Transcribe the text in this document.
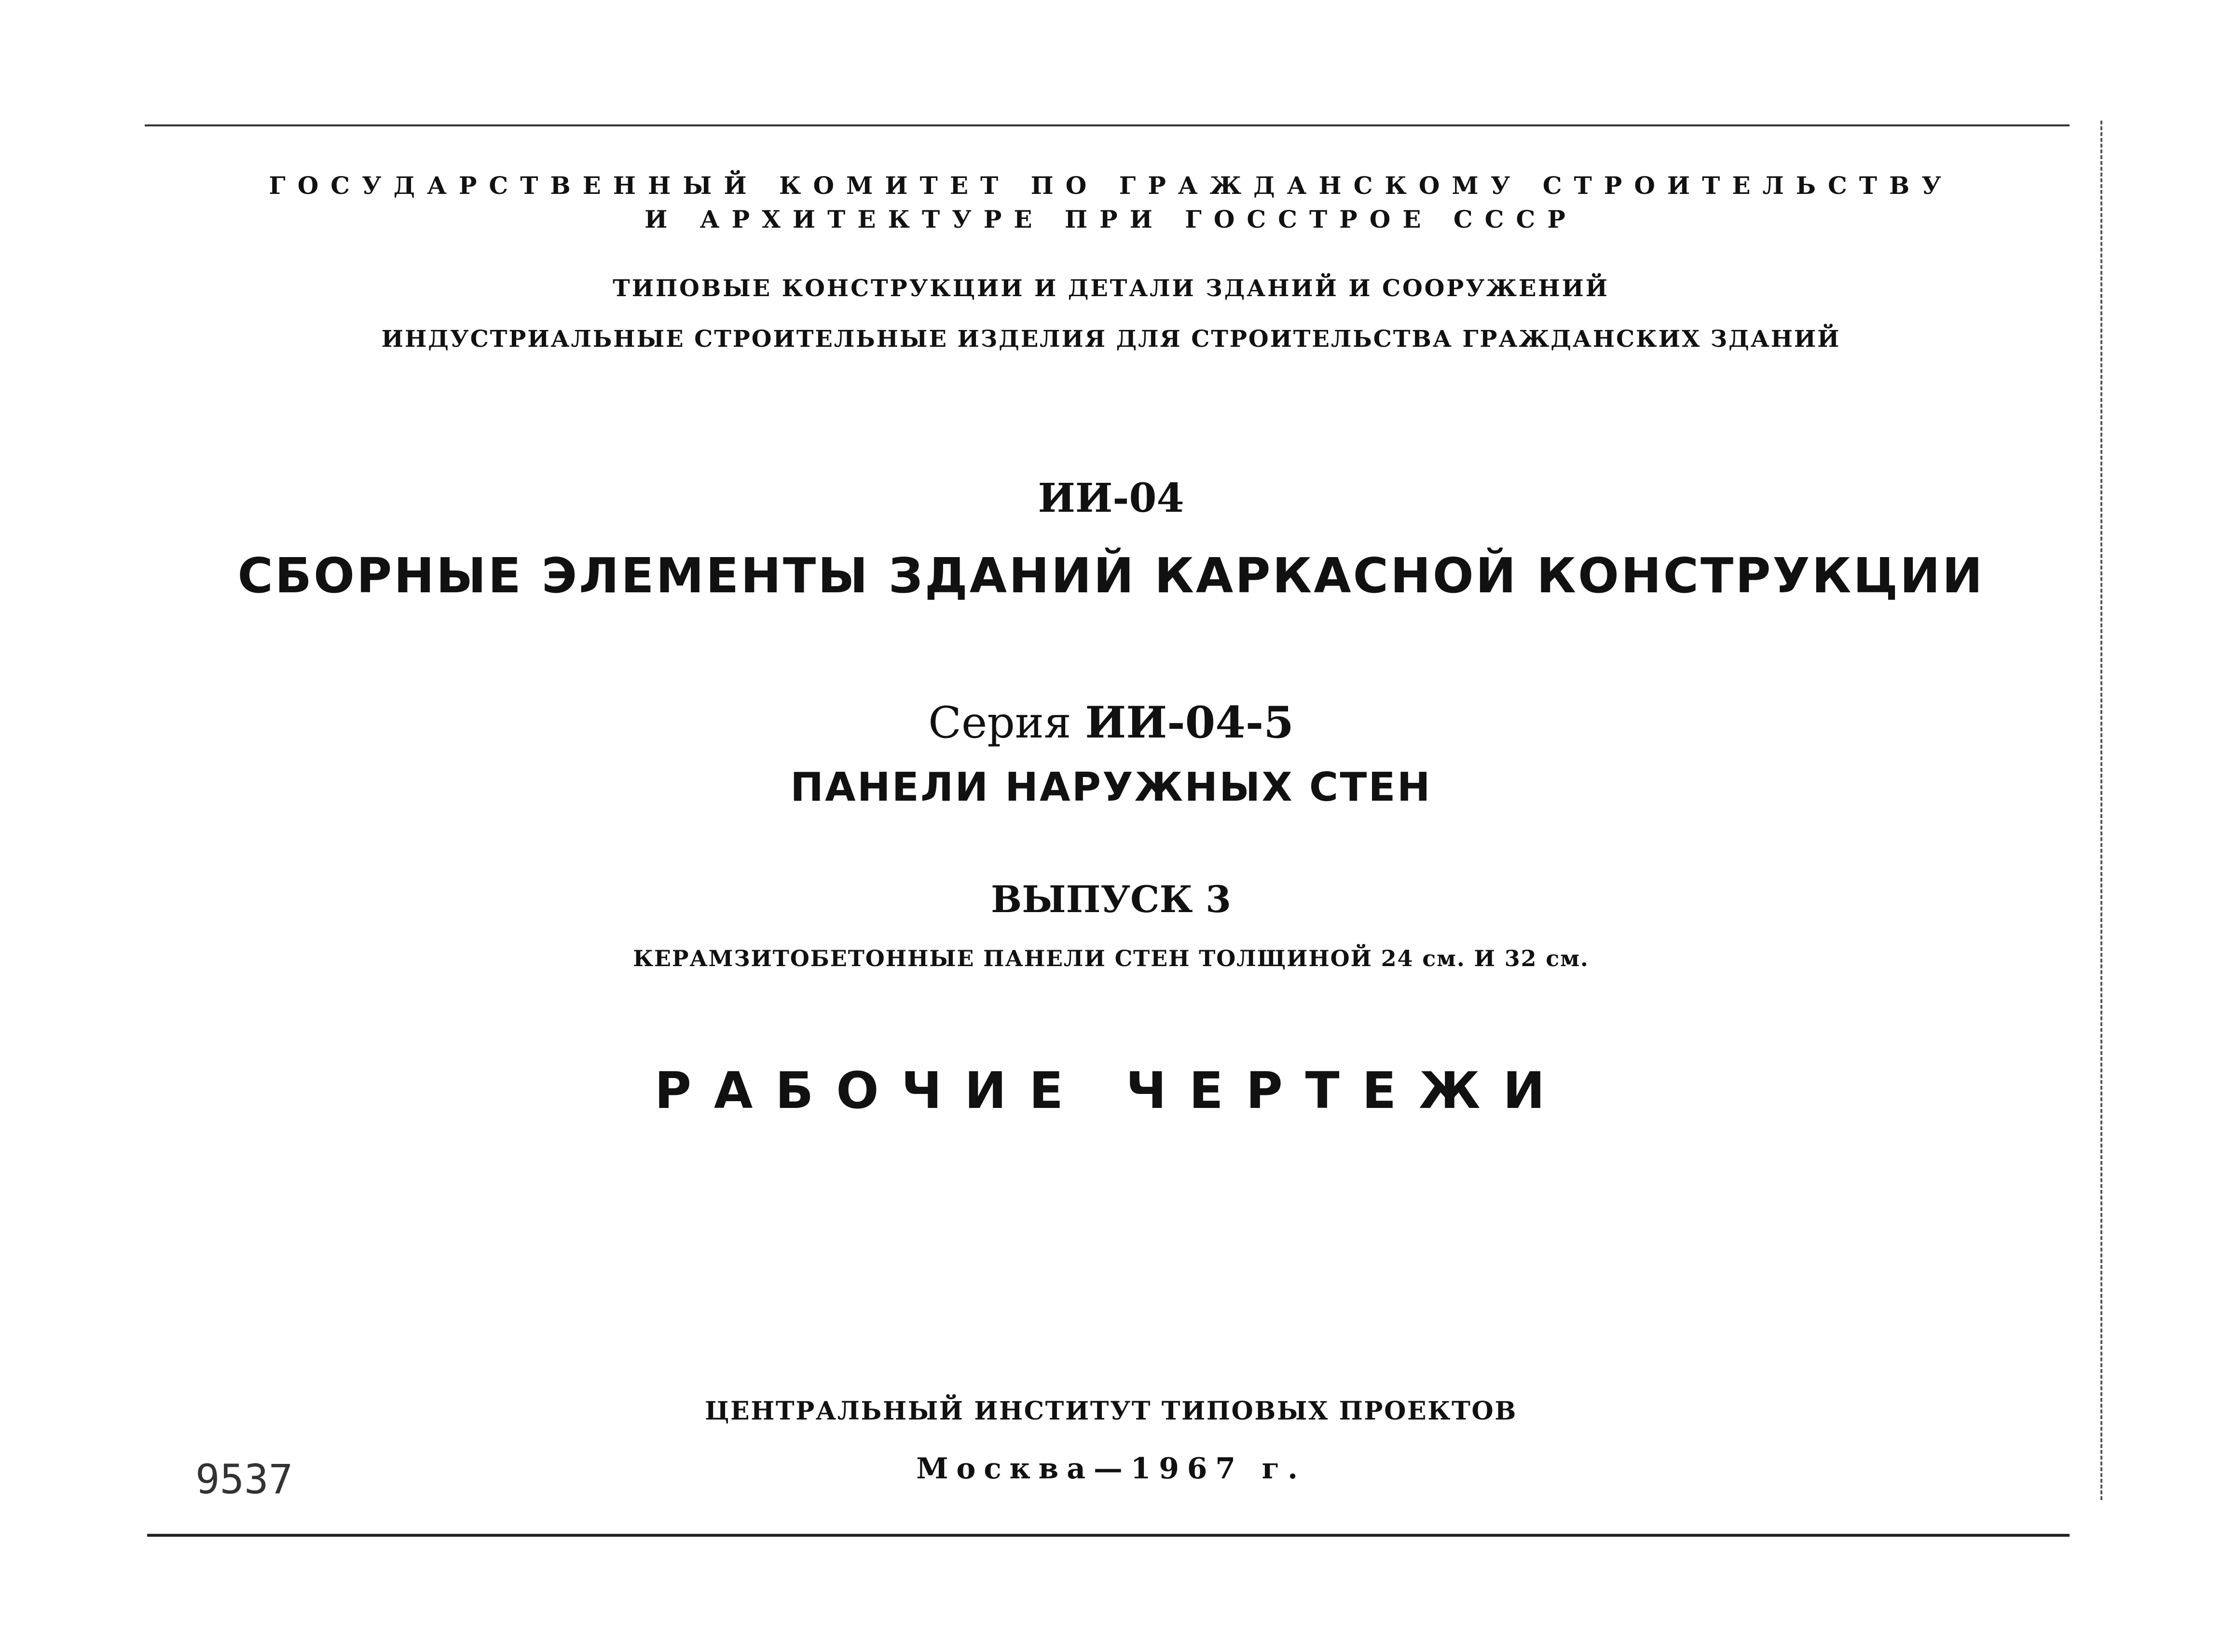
ГОСУДАРСТВЕННЫЙ КОМИТЕТ ПО ГРАЖДАНСКОМУ СТРОИТЕЛЬСТВУ
И АРХИТЕКТУРЕ ПРИ ГОССТРОЕ СССР
ТИПОВЫЕ КОНСТРУКЦИИ И ДЕТАЛИ ЗДАНИЙ И СООРУЖЕНИЙ
ИНДУСТРИАЛЬНЫЕ СТРОИТЕЛЬНЫЕ ИЗДЕЛИЯ ДЛЯ СТРОИТЕЛЬСТВА ГРАЖДАНСКИХ ЗДАНИЙ
ИИ-04
СБОРНЫЕ ЭЛЕМЕНТЫ ЗДАНИЙ КАРКАСНОЙ КОНСТРУКЦИИ
Серия ИИ-04-5
ПАНЕЛИ НАРУЖНЫХ СТЕН
ВЫПУСК 3
КЕРАМЗИТОБЕТОННЫЕ ПАНЕЛИ СТЕН ТОЛЩИНОЙ 24 см. И 32 см.
РАБОЧИЕ ЧЕРТЕЖИ
ЦЕНТРАЛЬНЫЙ ИНСТИТУТ ТИПОВЫХ ПРОЕКТОВ
Москва—1967 г.
9537
